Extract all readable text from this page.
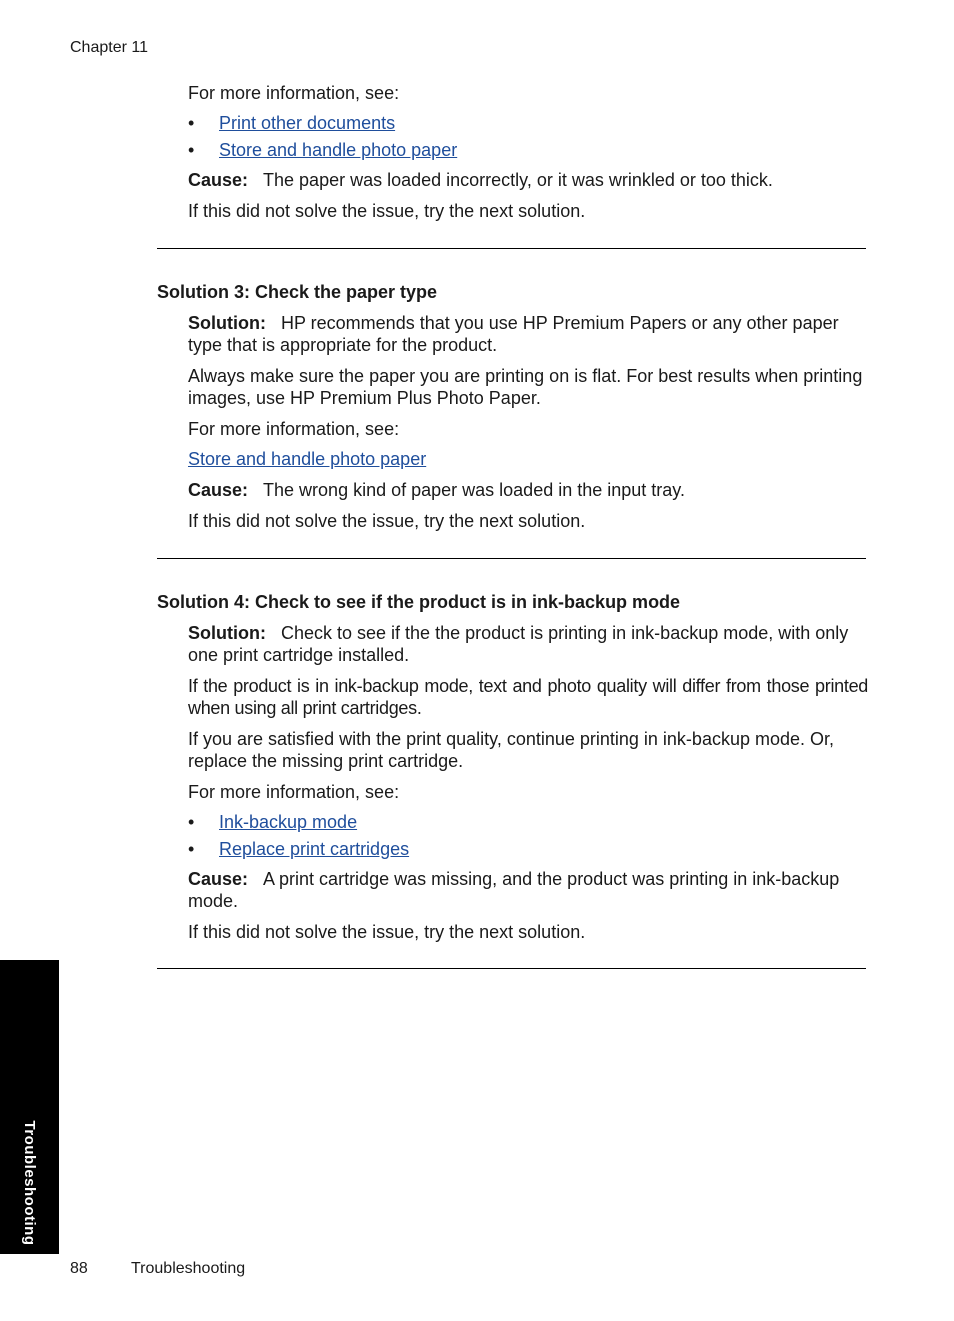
Chapter 11

For more information, see:

• Print other documents
• Store and handle photo paper

Cause: The paper was loaded incorrectly, or it was wrinkled or too thick.

If this did not solve the issue, try the next solution.

Solution 3: Check the paper type

Solution: HP recommends that you use HP Premium Papers or any other paper type that is appropriate for the product.

Always make sure the paper you are printing on is flat. For best results when printing images, use HP Premium Plus Photo Paper.

For more information, see:

Store and handle photo paper

Cause: The wrong kind of paper was loaded in the input tray.

If this did not solve the issue, try the next solution.

Solution 4: Check to see if the product is in ink-backup mode

Solution: Check to see if the the product is printing in ink-backup mode, with only one print cartridge installed.

If the product is in ink-backup mode, text and photo quality will differ from those printed when using all print cartridges.

If you are satisfied with the print quality, continue printing in ink-backup mode. Or, replace the missing print cartridge.

For more information, see:

• Ink-backup mode
• Replace print cartridges

Cause: A print cartridge was missing, and the product was printing in ink-backup mode.

If this did not solve the issue, try the next solution.

Troubleshooting
88	Troubleshooting
